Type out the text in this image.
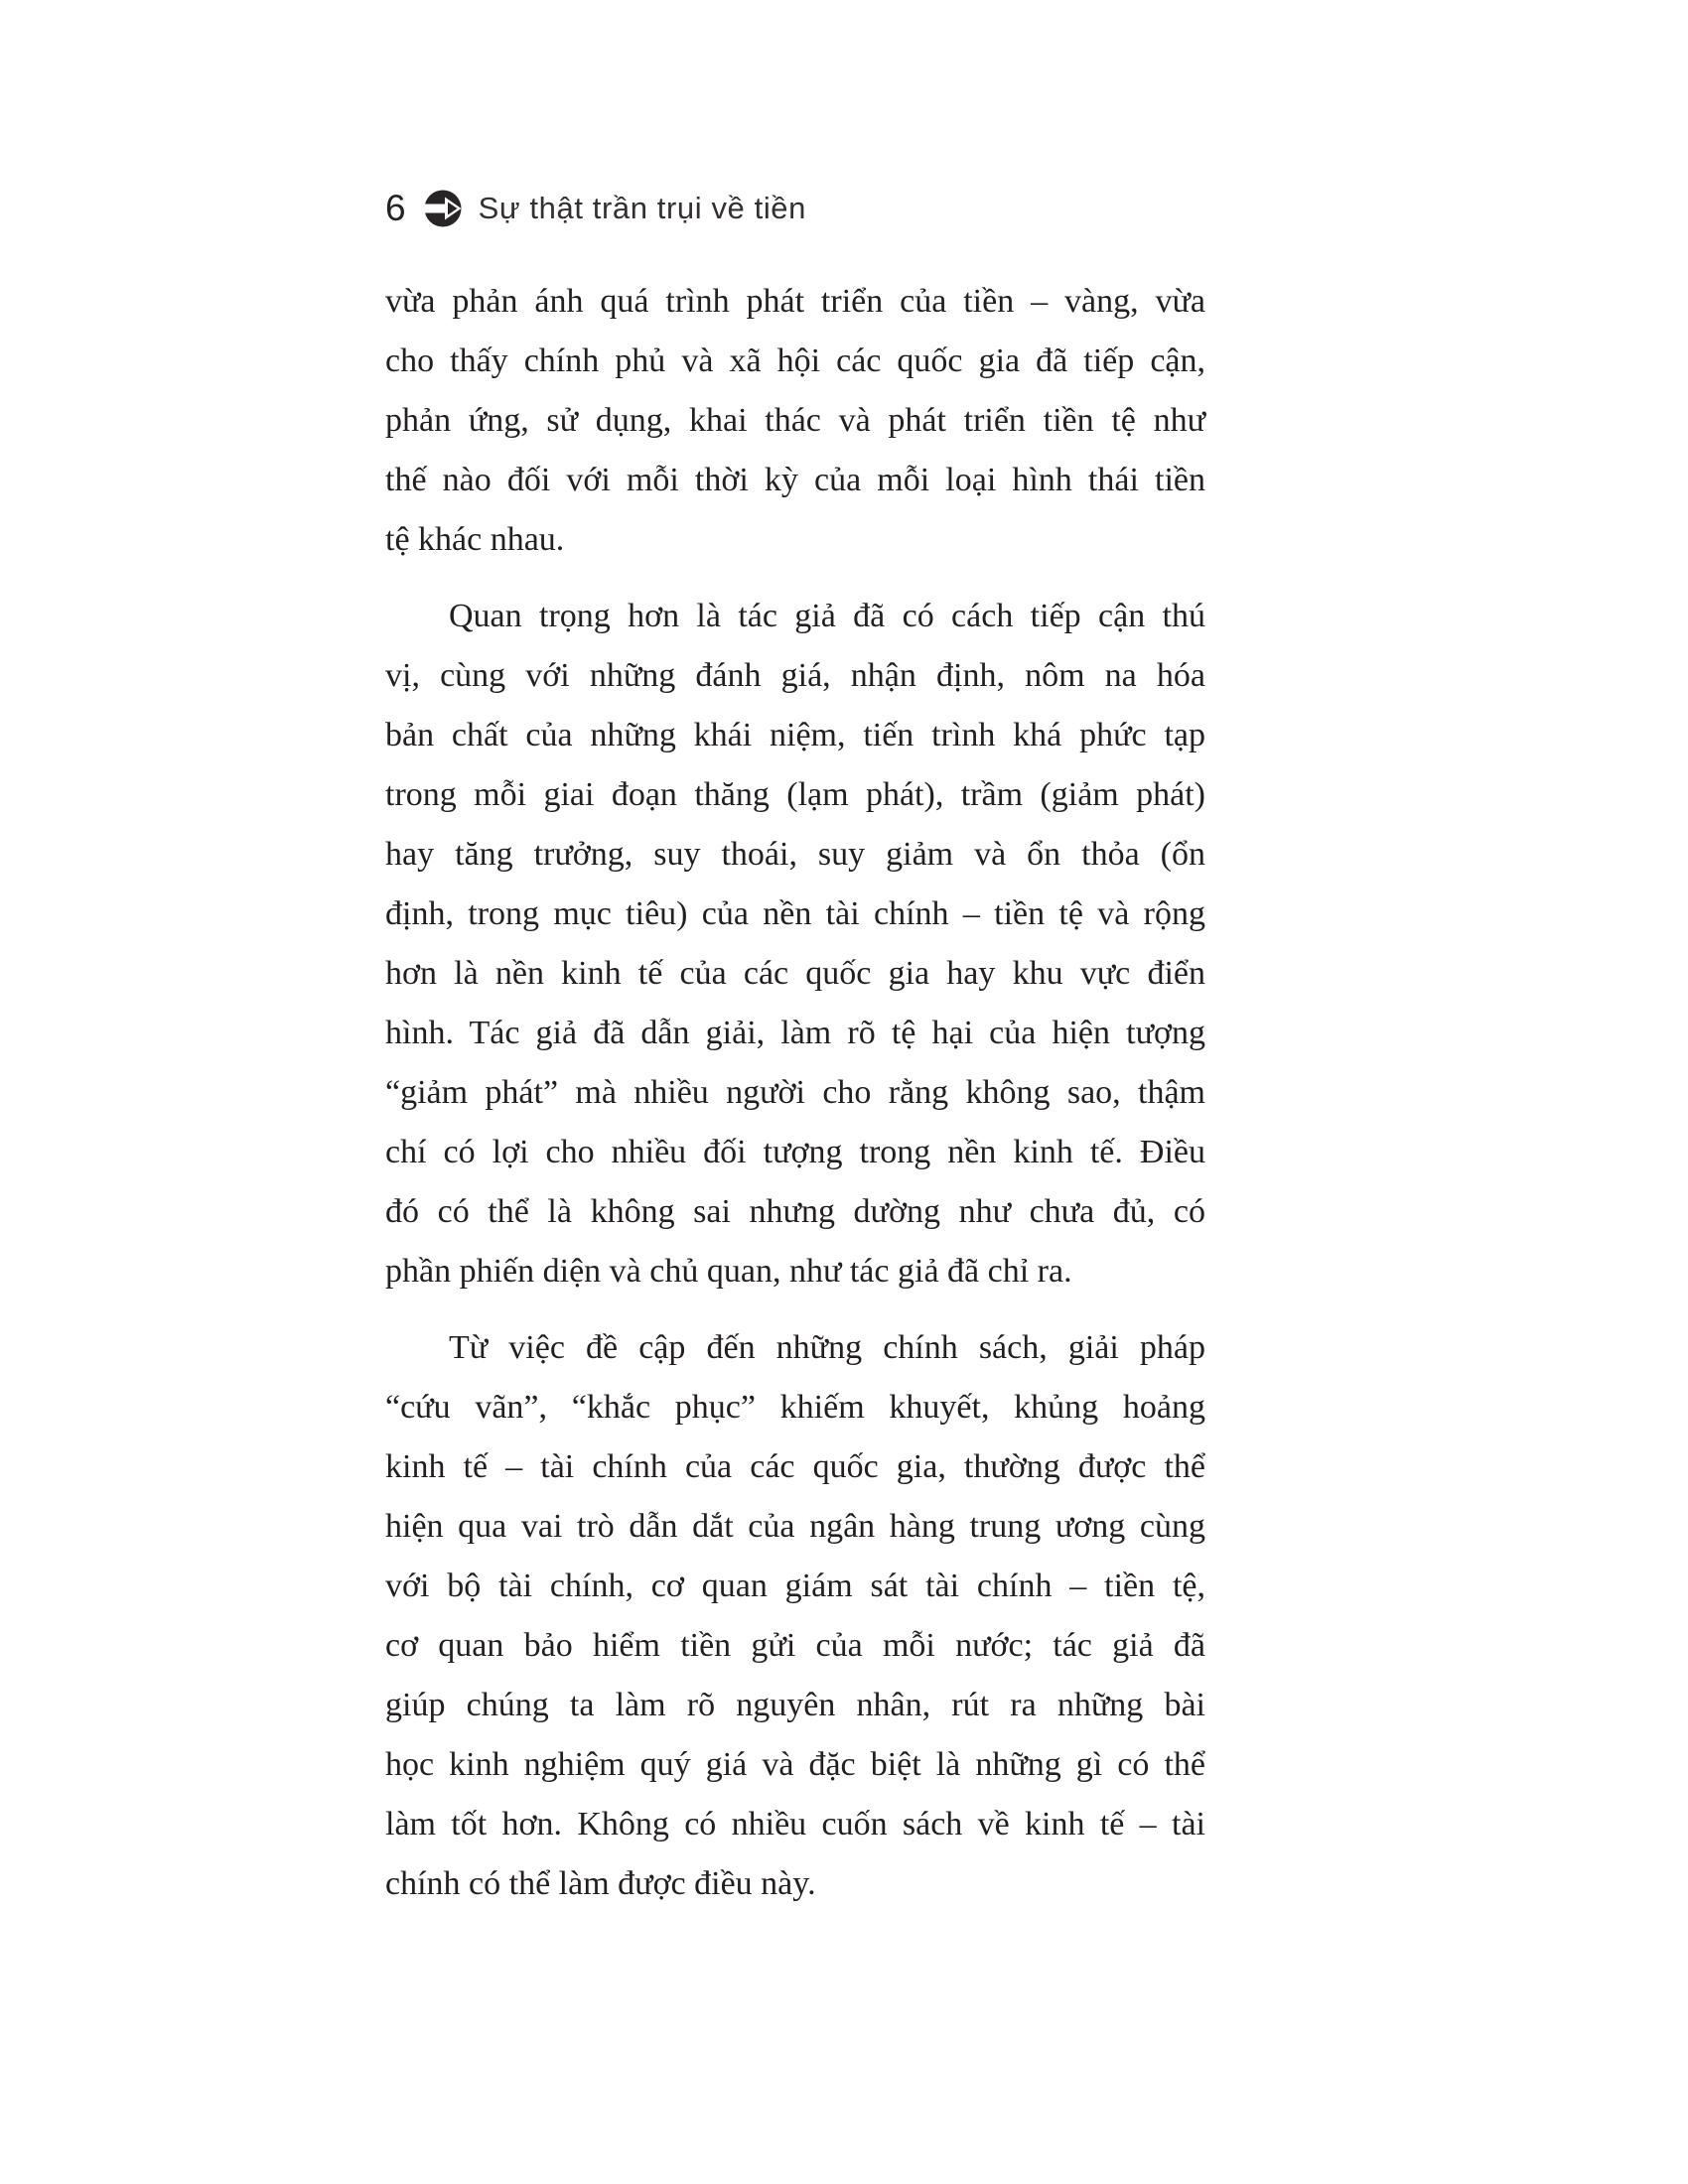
6 Sự thật trần trụi về tiền
vừa phản ánh quá trình phát triển của tiền – vàng, vừa
cho thấy chính phủ và xã hội các quốc gia đã tiếp cận,
phản ứng, sử dụng, khai thác và phát triển tiền tệ như
thế nào đối với mỗi thời kỳ của mỗi loại hình thái tiền
tệ khác nhau.
Quan trọng hơn là tác giả đã có cách tiếp cận thú
vị, cùng với những đánh giá, nhận định, nôm na hóa
bản chất của những khái niệm, tiến trình khá phức tạp
trong mỗi giai đoạn thăng (lạm phát), trầm (giảm phát)
hay tăng trưởng, suy thoái, suy giảm và ổn thỏa (ổn
định, trong mục tiêu) của nền tài chính – tiền tệ và rộng
hơn là nền kinh tế của các quốc gia hay khu vực điển
hình. Tác giả đã dẫn giải, làm rõ tệ hại của hiện tượng
“giảm phát” mà nhiều người cho rằng không sao, thậm
chí có lợi cho nhiều đối tượng trong nền kinh tế. Điều
đó có thể là không sai nhưng dường như chưa đủ, có
phần phiến diện và chủ quan, như tác giả đã chỉ ra.
Từ việc đề cập đến những chính sách, giải pháp
“cứu vãn”, “khắc phục” khiếm khuyết, khủng hoảng
kinh tế – tài chính của các quốc gia, thường được thể
hiện qua vai trò dẫn dắt của ngân hàng trung ương cùng
với bộ tài chính, cơ quan giám sát tài chính – tiền tệ,
cơ quan bảo hiểm tiền gửi của mỗi nước; tác giả đã
giúp chúng ta làm rõ nguyên nhân, rút ra những bài
học kinh nghiệm quý giá và đặc biệt là những gì có thể
làm tốt hơn. Không có nhiều cuốn sách về kinh tế – tài
chính có thể làm được điều này.
